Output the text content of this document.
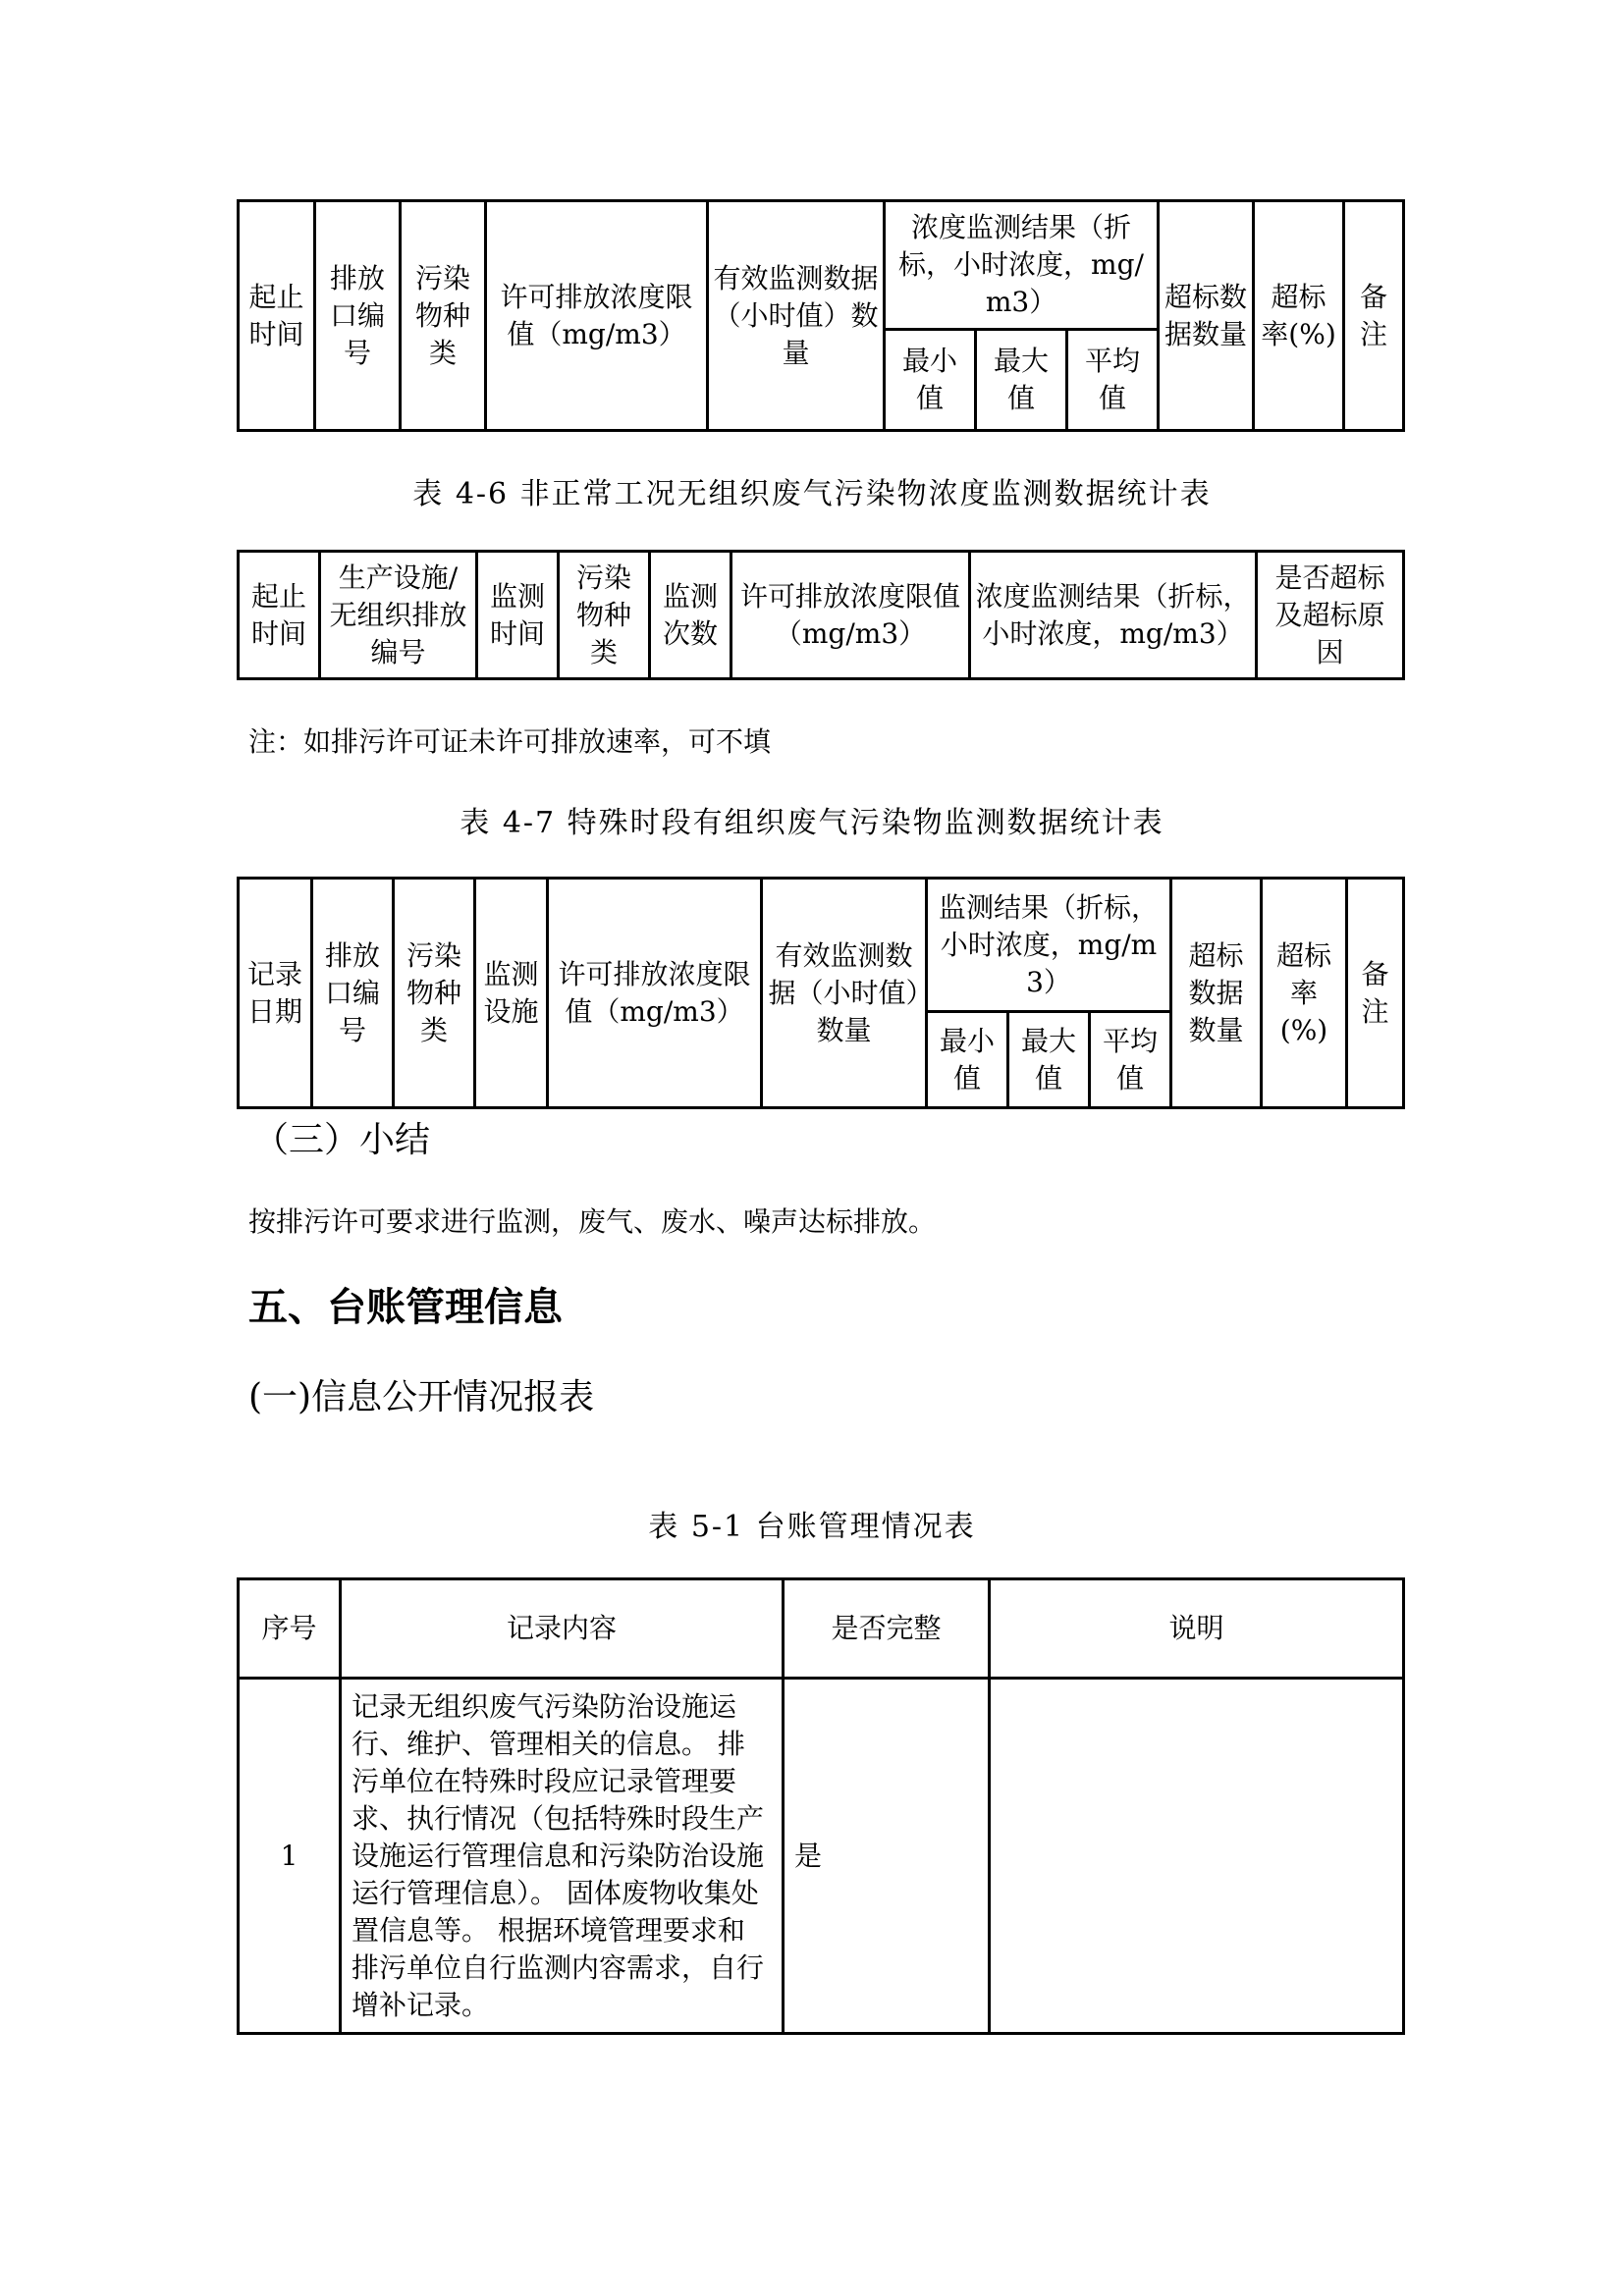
起止时间	排放口编号	污染物种类	许可排放浓度限值（mg/m3）	有效监测数据（小时值）数量	浓度监测结果（折标，小时浓度，mg/m3）			超标数据数量	超标率(%)	备注
					最小值	最大值	平均值			
表 4-6 非正常工况无组织废气污染物浓度监测数据统计表
起止时间	生产设施/无组织排放编号	监测时间	污染物种类	监测次数	许可排放浓度限值（mg/m3）	浓度监测结果（折标，小时浓度，mg/m3）	是否超标及超标原因
注：如排污许可证未许可排放速率，可不填
表 4-7 特殊时段有组织废气污染物监测数据统计表
记录日期	排放口编号	污染物种类	监测设施	许可排放浓度限值（mg/m3）	有效监测数据（小时值）数量	监测结果（折标，小时浓度，mg/m3）			超标数据数量	超标率(%)	备注
						最小值	最大值	平均值			
（三）小结
按排污许可要求进行监测，废气、废水、噪声达标排放。
五、台账管理信息
(一)信息公开情况报表
表 5-1 台账管理情况表
序号	记录内容	是否完整	说明
1	记录无组织废气污染防治设施运行、维护、管理相关的信息。 排污单位在特殊时段应记录管理要求、执行情况（包括特殊时段生产设施运行管理信息和污染防治设施运行管理信息）。 固体废物收集处置信息等。 根据环境管理要求和排污单位自行监测内容需求，自行增补记录。	是	
